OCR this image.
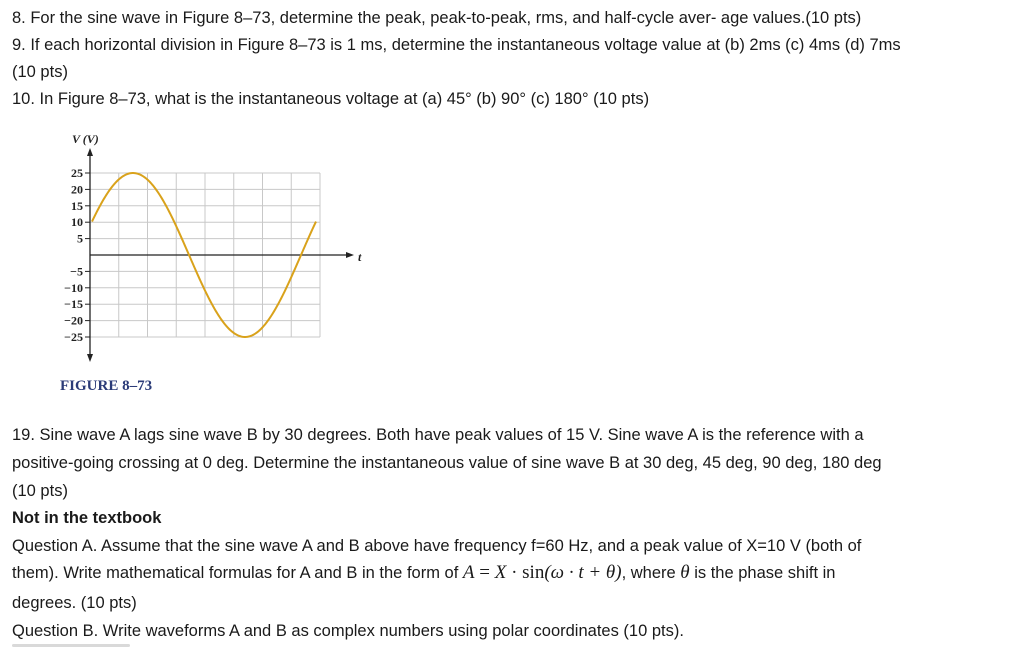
8. For the sine wave in Figure 8–73, determine the peak, peak-to-peak, rms, and half-cycle aver- age values.(10 pts)
9. If each horizontal division in Figure 8–73 is 1 ms, determine the instantaneous voltage value at (b) 2ms (c) 4ms (d) 7ms
(10 pts)
10. In Figure 8–73, what is the instantaneous voltage at (a) 45° (b) 90° (c) 180° (10 pts)
25
20
15
10
5
−5
−10
−15
−20
−25
V (V)
t
FIGURE 8–73
19. Sine wave A lags sine wave B by 30 degrees. Both have peak values of 15 V. Sine wave A is the reference with a
positive-going crossing at 0 deg. Determine the instantaneous value of sine wave B at 30 deg, 45 deg, 90 deg, 180 deg
(10 pts)
Not in the textbook
Question A. Assume that the sine wave A and B above have frequency f=60 Hz, and a peak value of X=10 V (both of
them). Write mathematical formulas for A and B in the form of A = X · sin(ω · t + θ), where θ is the phase shift in
degrees. (10 pts)
Question B. Write waveforms A and B as complex numbers using polar coordinates (10 pts).
